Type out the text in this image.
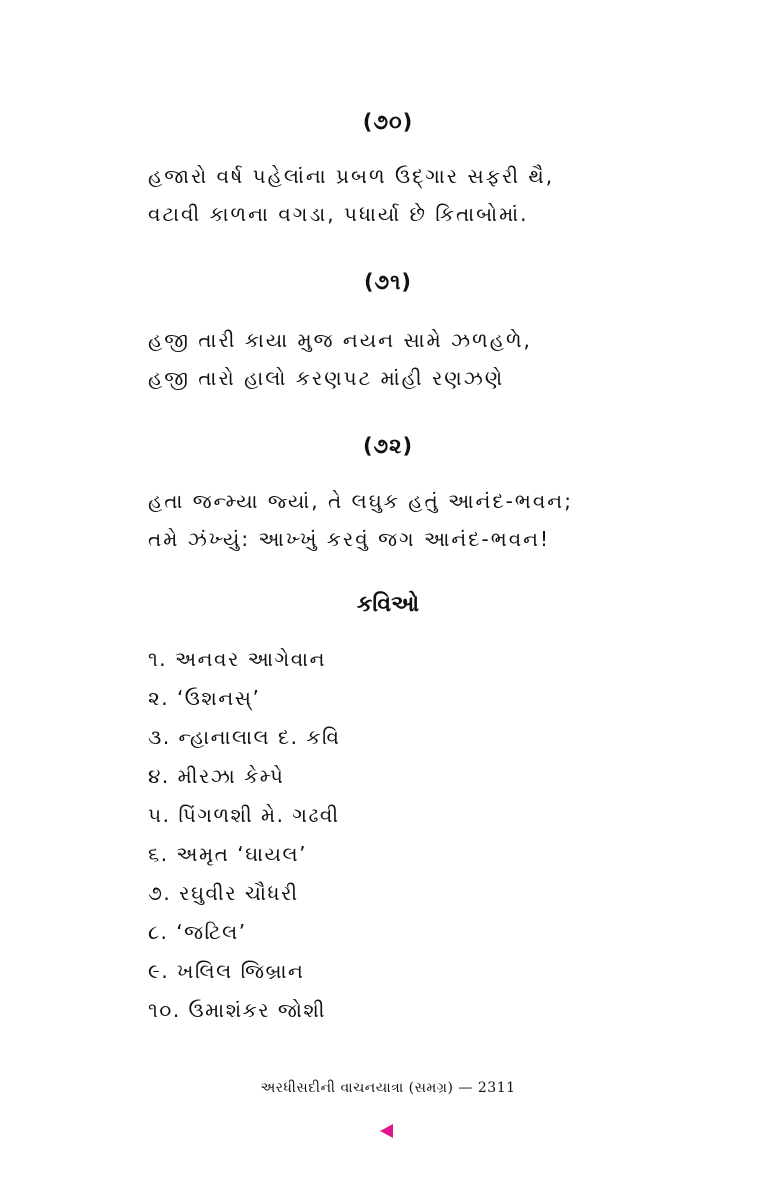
(૭૦)
હજારો વર્ષ પહેલાંના પ્રબળ ઉદ્‌ગાર સફરી થૈ,
વટાવી કાળના વગડા, પધાર્યા છે કિતાબોમાં.
(૭૧)
હજી તારી કાયા મુજ નયન સામે ઝળહળે,
હજી તારો હાલો કરણપટ માંહી રણઝણે
(૭૨)
હતા જન્મ્યા જ્યાં, તે લઘુક હતું આનંદ-ભવન;
તમે ઝંખ્યું: આખ્ખું કરવું જગ આનંદ-ભવન!
કવિઓ
૧. અનવર આગેવાન
૨. ‘ઉશનસ્’
૩. ન્હાનાલાલ દ. કવિ
૪. મીરઝા કેમ્પે
૫. પિંગળશી મે. ગઢવી
૬. અમૃત ‘ઘાયલ’
૭. રઘુવીર ચૌધરી
૮. ‘જટિલ’
૯. ખલિલ જિબ્રાન
૧૦. ઉમાશંકર જોશી
અરધીસદીની વાચનયાત્રા (સમગ્ર) — 2311
